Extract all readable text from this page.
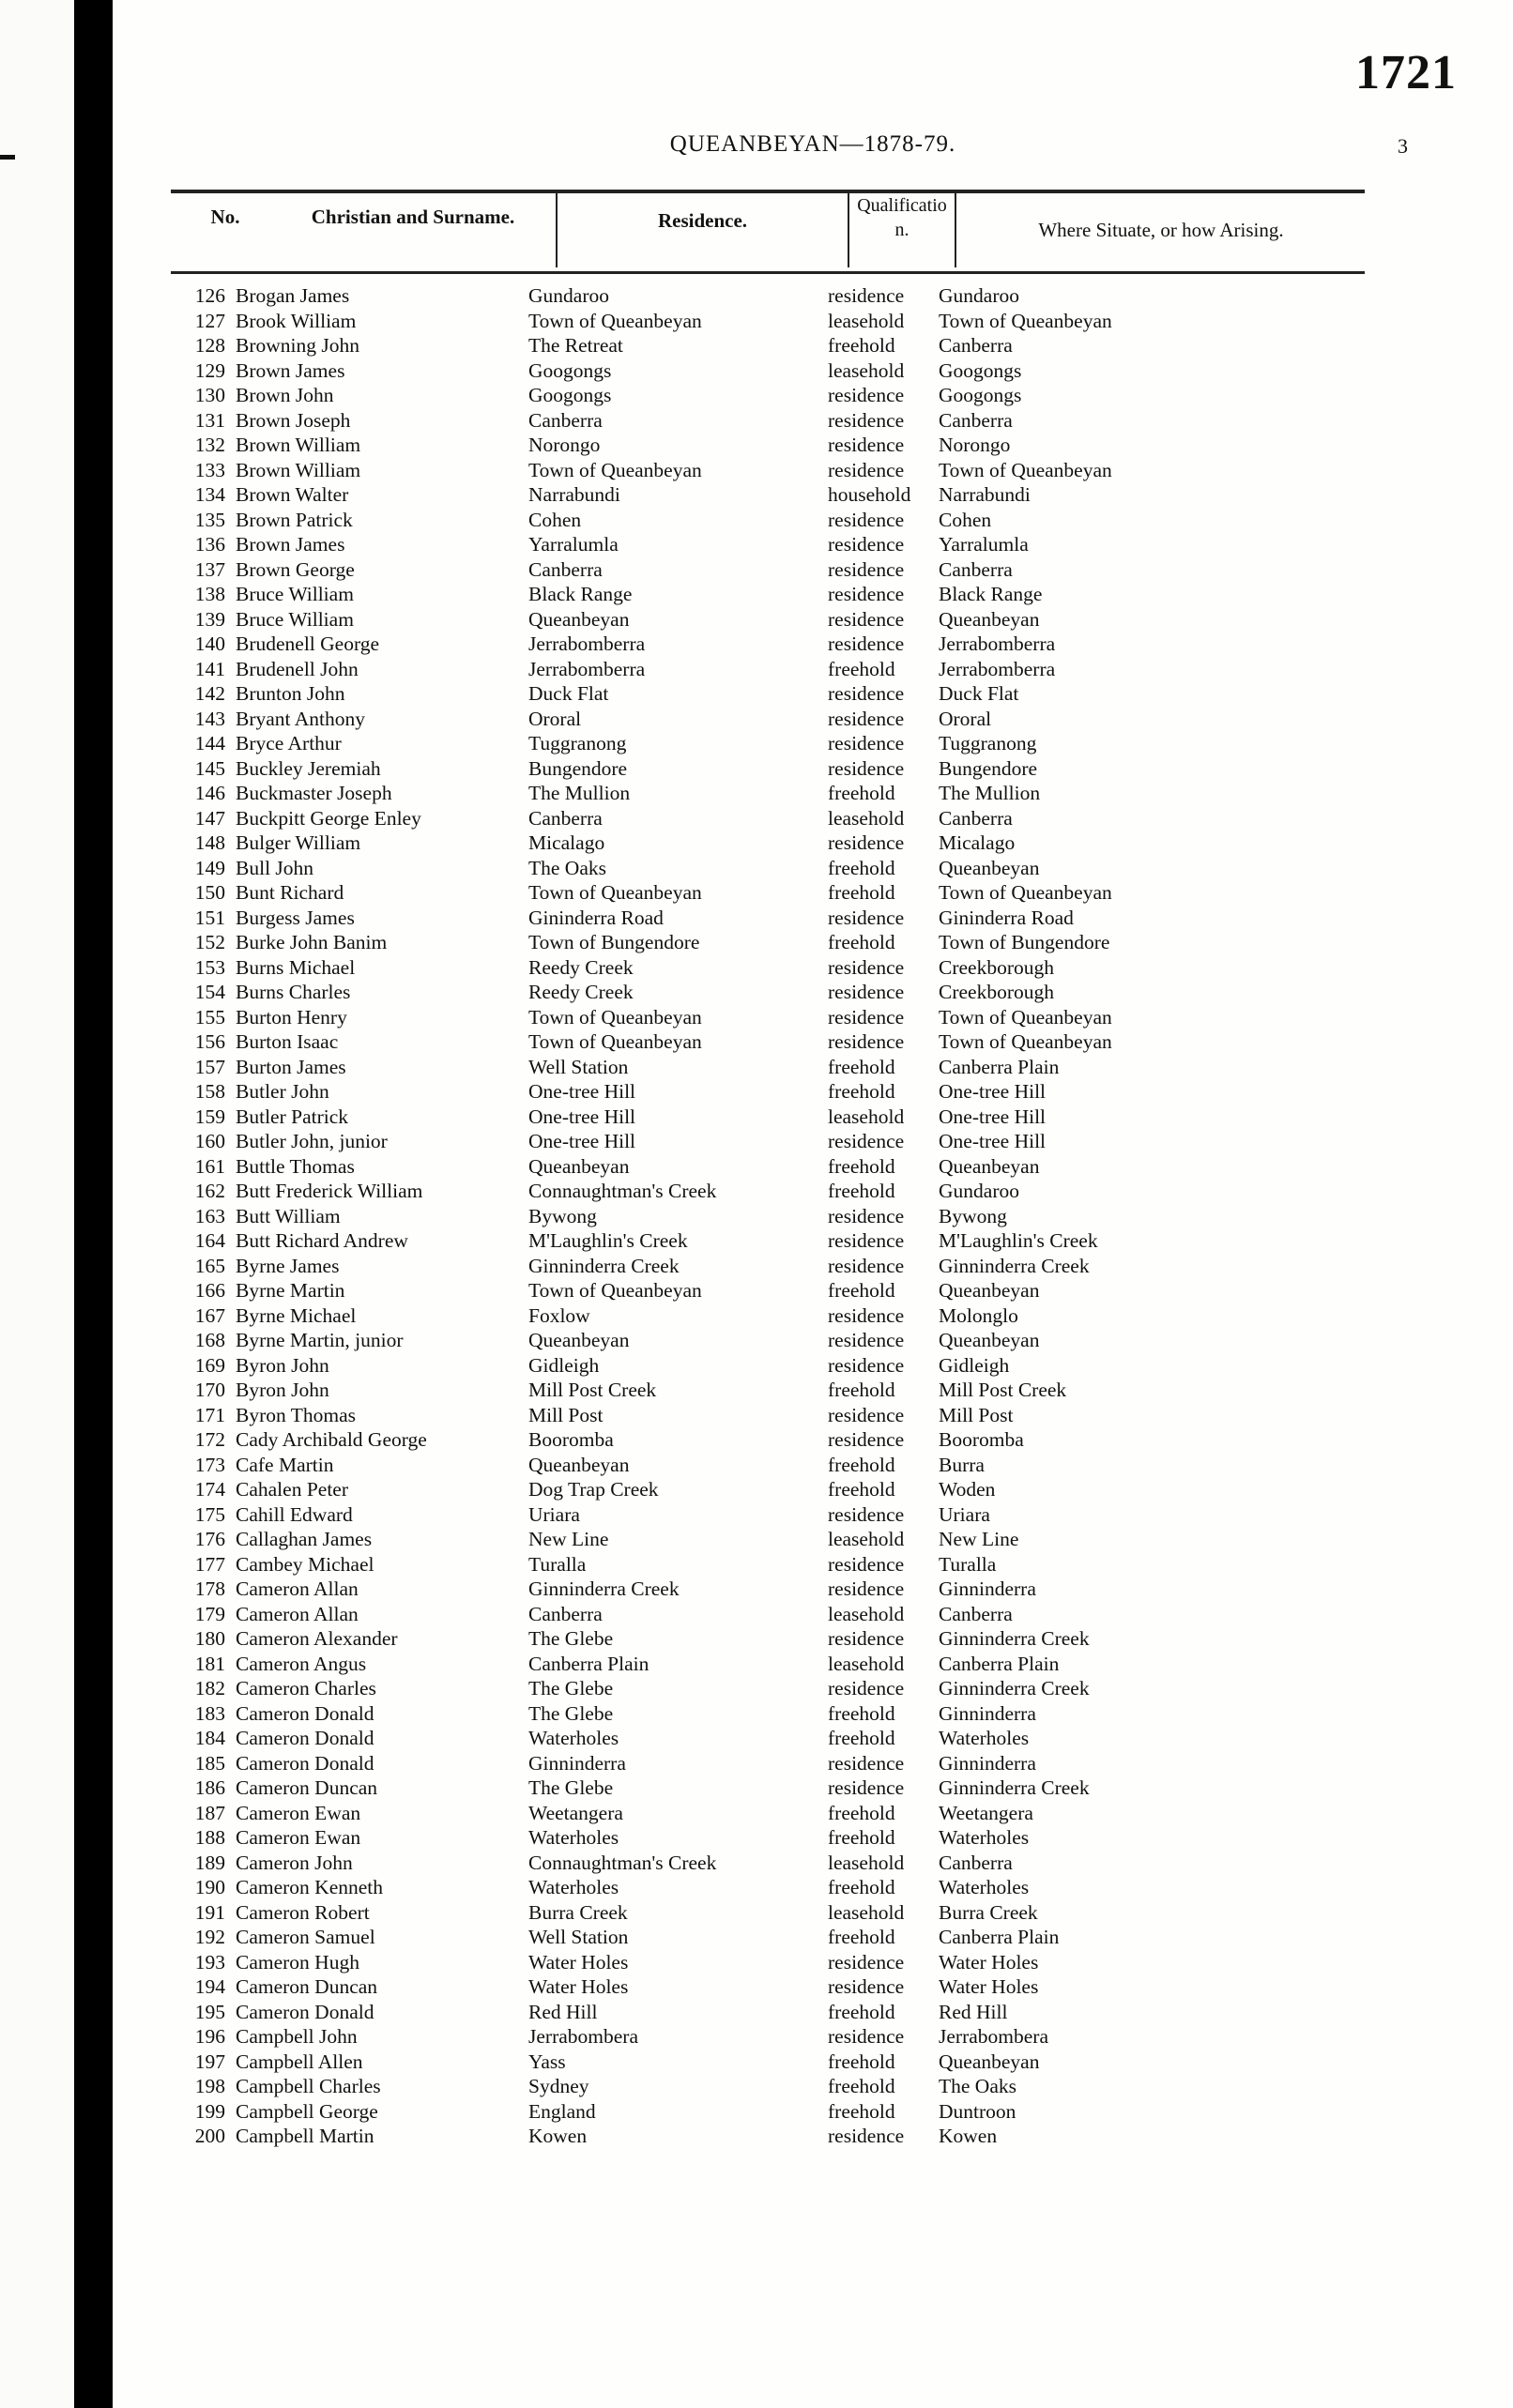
1721
3
QUEANBEYAN—1878-79.
No.	Christian and Surname.	Residence.
Qualification.	Where Situate, or how Arising.
126 Brogan James	Gundaroo	residence Gundaroo
127 Brook William	Town of Queanbeyan	leasehold Town of Queanbeyan
128 Browning John	The Retreat	freehold Canberra
129 Brown James	Googongs	leasehold Googongs
130 Brown John	Googongs	residence Googongs
131 Brown Joseph	Canberra	residence Canberra
132 Brown William	Norongo	residence Norongo
133 Brown William	Town of Queanbeyan	residence Town of Queanbeyan
134 Brown Walter	Narrabundi	household Narrabundi
135 Brown Patrick	Cohen	residence Cohen
136 Brown James	Yarralumla	residence Yarralumla
137 Brown George	Canberra	residence Canberra
138 Bruce William	Black Range	residence Black Range
139 Bruce William	Queanbeyan	residence Queanbeyan
140 Brudenell George	Jerrabomberra	residence Jerrabomberra
141 Brudenell John	Jerrabomberra	freehold Jerrabomberra
142 Brunton John	Duck Flat	residence Duck Flat
143 Bryant Anthony	Ororal	residence Ororal
144 Bryce Arthur	Tuggranong	residence Tuggranong
145 Buckley Jeremiah	Bungendore	residence Bungendore
146 Buckmaster Joseph	The Mullion	freehold The Mullion
147 Buckpitt George Enley	Canberra	leasehold Canberra
148 Bulger William	Micalago	residence Micalago
149 Bull John	The Oaks	freehold Queanbeyan
150 Bunt Richard	Town of Queanbeyan	freehold Town of Queanbeyan
151 Burgess James	Gininderra Road	residence Gininderra Road
152 Burke John Banim	Town of Bungendore	freehold Town of Bungendore
153 Burns Michael	Reedy Creek	residence Creekborough
154 Burns Charles	Reedy Creek	residence Creekborough
155 Burton Henry	Town of Queanbeyan	residence Town of Queanbeyan
156 Burton Isaac	Town of Queanbeyan	residence Town of Queanbeyan
157 Burton James	Well Station	freehold Canberra Plain
158 Butler John	One-tree Hill	freehold One-tree Hill
159 Butler Patrick	One-tree Hill	leasehold One-tree Hill
160 Butler John, junior	One-tree Hill	residence One-tree Hill
161 Buttle Thomas	Queanbeyan	freehold Queanbeyan
162 Butt Frederick William	Connaughtman's Creek	freehold Gundaroo
163 Butt William	Bywong	residence Bywong
164 Butt Richard Andrew	M'Laughlin's Creek	residence M'Laughlin's Creek
165 Byrne James	Ginninderra Creek	residence Ginninderra Creek
166 Byrne Martin	Town of Queanbeyan	freehold Queanbeyan
167 Byrne Michael	Foxlow	residence Molonglo
168 Byrne Martin, junior	Queanbeyan	residence Queanbeyan
169 Byron John	Gidleigh	residence Gidleigh
170 Byron John	Mill Post Creek	freehold Mill Post Creek
171 Byron Thomas	Mill Post	residence Mill Post
172 Cady Archibald George	Booromba	residence Booromba
173 Cafe Martin	Queanbeyan	freehold Burra
174 Cahalen Peter	Dog Trap Creek	freehold Woden
175 Cahill Edward	Uriara	residence Uriara
176 Callaghan James	New Line	leasehold New Line
177 Cambey Michael	Turalla	residence Turalla
178 Cameron Allan	Ginninderra Creek	residence Ginninderra
179 Cameron Allan	Canberra	leasehold Canberra
180 Cameron Alexander	The Glebe	residence Ginninderra Creek
181 Cameron Angus	Canberra Plain	leasehold Canberra Plain
182 Cameron Charles	The Glebe	residence Ginninderra Creek
183 Cameron Donald	The Glebe	freehold Ginninderra
184 Cameron Donald	Waterholes	freehold Waterholes
185 Cameron Donald	Ginninderra	residence Ginninderra
186 Cameron Duncan	The Glebe	residence Ginninderra Creek
187 Cameron Ewan	Weetangera	freehold Weetangera
188 Cameron Ewan	Waterholes	freehold Waterholes
189 Cameron John	Connaughtman's Creek	leasehold Canberra
190 Cameron Kenneth	Waterholes	freehold Waterholes
191 Cameron Robert	Burra Creek	leasehold Burra Creek
192 Cameron Samuel	Well Station	freehold Canberra Plain
193 Cameron Hugh	Water Holes	residence Water Holes
194 Cameron Duncan	Water Holes	residence Water Holes
195 Cameron Donald	Red Hill	freehold Red Hill
196 Campbell John	Jerrabombera	residence Jerrabombera
197 Campbell Allen	Yass	freehold Queanbeyan
198 Campbell Charles	Sydney	freehold The Oaks
199 Campbell George	England	freehold Duntroon
200 Campbell Martin	Kowen	residence Kowen
